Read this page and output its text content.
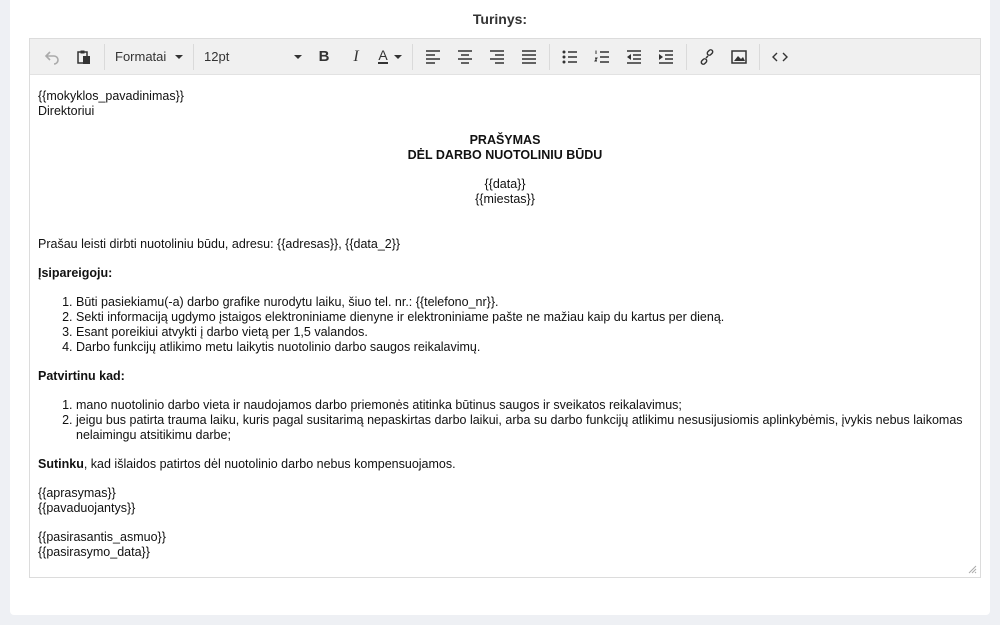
Turinys:
Formatai	12pt	B I A

{{mokyklos_pavadinimas}}

Direktoriui

PRAŠYMAS

DĖL DARBO NUOTOLINIU BŪDU

{{data}}

{{miestas}}

Prašau leisti dirbti nuotoliniu būdu, adresu: {{adresas}}, {{data_2}}

Įsipareigoju:

1. Būti pasiekiamu(-a) darbo grafike nurodytu laiku, šiuo tel. nr.: {{telefono_nr}}.
2. Sekti informaciją ugdymo įstaigos elektroniniame dienyne ir elektroniniame pašte ne mažiau kaip du kartus per dieną.
3. Esant poreikiui atvykti į darbo vietą per 1,5 valandos.
4. Darbo funkcijų atlikimo metu laikytis nuotolinio darbo saugos reikalavimų.

Patvirtinu kad:

1. mano nuotolinio darbo vieta ir naudojamos darbo priemonės atitinka būtinus saugos ir sveikatos reikalavimus;
2. jeigu bus patirta trauma laiku, kuris pagal susitarimą nepaskirtas darbo laikui, arba su darbo funkcijų atlikimu nesusijusiomis aplinkybėmis, įvykis nebus laikomas nelaimingu atsitikimu darbe;

Sutinku, kad išlaidos patirtos dėl nuotolinio darbo nebus kompensuojamos.

{{aprasymas}}

{{pavaduojantys}}

{{pasirasantis_asmuo}}

{{pasirasymo_data}}
